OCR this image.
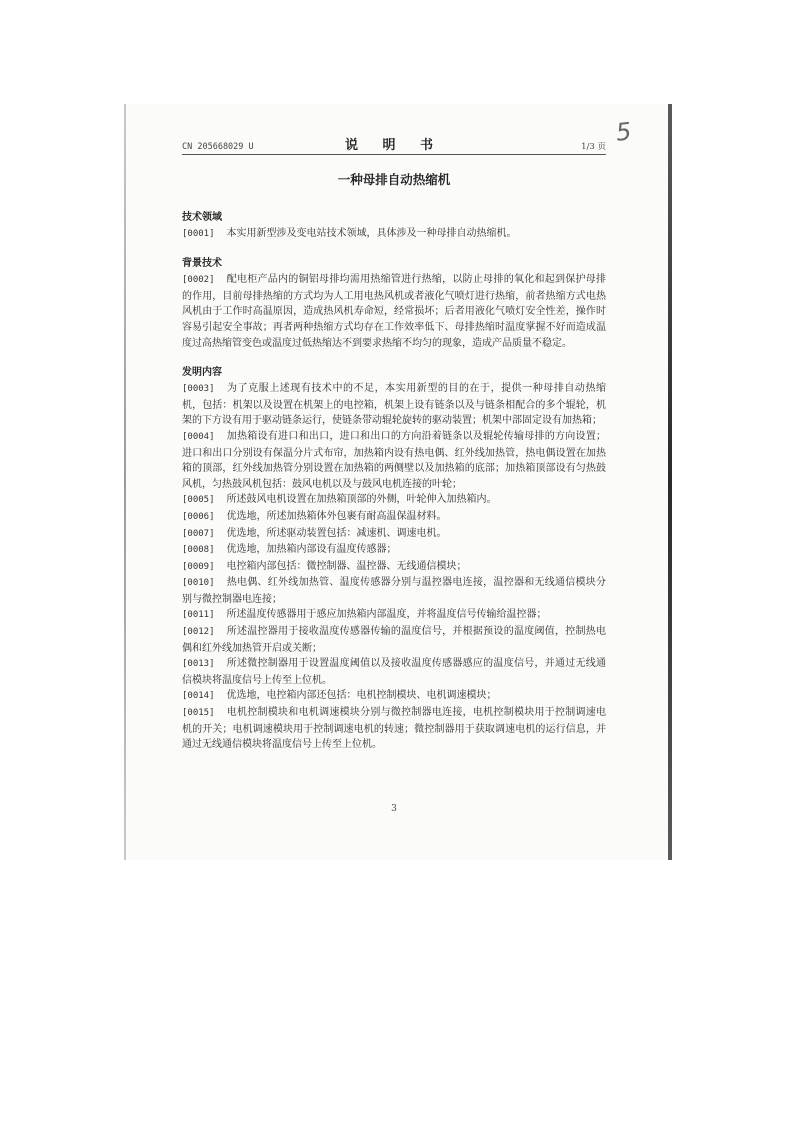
CN 205668029 U	说 明 书	1/3 页
5
一种母排自动热缩机
技术领域

[0001] 本实用新型涉及变电站技术领域，具体涉及一种母排自动热缩机。

背景技术

[0002] 配电柜产品内的铜铝母排均需用热缩管进行热缩，以防止母排的氧化和起到保护母排的作用，目前母排热缩的方式均为人工用电热风机或者液化气喷灯进行热缩，前者热缩方式电热风机由于工作时高温原因，造成热风机寿命短，经常损坏；后者用液化气喷灯安全性差，操作时容易引起安全事故；再者两种热缩方式均存在工作效率低下、母排热缩时温度掌握不好而造成温度过高热缩管变色或温度过低热缩达不到要求热缩不均匀的现象，造成产品质量不稳定。

发明内容

[0003] 为了克服上述现有技术中的不足，本实用新型的目的在于，提供一种母排自动热缩机，包括：机架以及设置在机架上的电控箱，机架上设有链条以及与链条相配合的多个辊轮，机架的下方设有用于驱动链条运行，使链条带动辊轮旋转的驱动装置；机架中部固定设有加热箱；

[0004] 加热箱设有进口和出口，进口和出口的方向沿着链条以及辊轮传输母排的方向设置；进口和出口分别设有保温分片式布帘，加热箱内设有热电偶、红外线加热管，热电偶设置在加热箱的顶部，红外线加热管分别设置在加热箱的两侧壁以及加热箱的底部；加热箱顶部设有匀热鼓风机，匀热鼓风机包括：鼓风电机以及与鼓风电机连接的叶轮；

[0005] 所述鼓风电机设置在加热箱顶部的外侧，叶轮伸入加热箱内。

[0006] 优选地，所述加热箱体外包裹有耐高温保温材料。

[0007] 优选地，所述驱动装置包括：减速机、调速电机。

[0008] 优选地，加热箱内部设有温度传感器；

[0009] 电控箱内部包括：微控制器、温控器、无线通信模块；

[0010] 热电偶、红外线加热管、温度传感器分别与温控器电连接，温控器和无线通信模块分别与微控制器电连接；

[0011] 所述温度传感器用于感应加热箱内部温度，并将温度信号传输给温控器；

[0012] 所述温控器用于接收温度传感器传输的温度信号，并根据预设的温度阈值，控制热电偶和红外线加热管开启或关断；

[0013] 所述微控制器用于设置温度阈值以及接收温度传感器感应的温度信号，并通过无线通信模块将温度信号上传至上位机。

[0014] 优选地，电控箱内部还包括：电机控制模块、电机调速模块；

[0015] 电机控制模块和电机调速模块分别与微控制器电连接，电机控制模块用于控制调速电机的开关；电机调速模块用于控制调速电机的转速；微控制器用于获取调速电机的运行信息，并通过无线通信模块将温度信号上传至上位机。

3
